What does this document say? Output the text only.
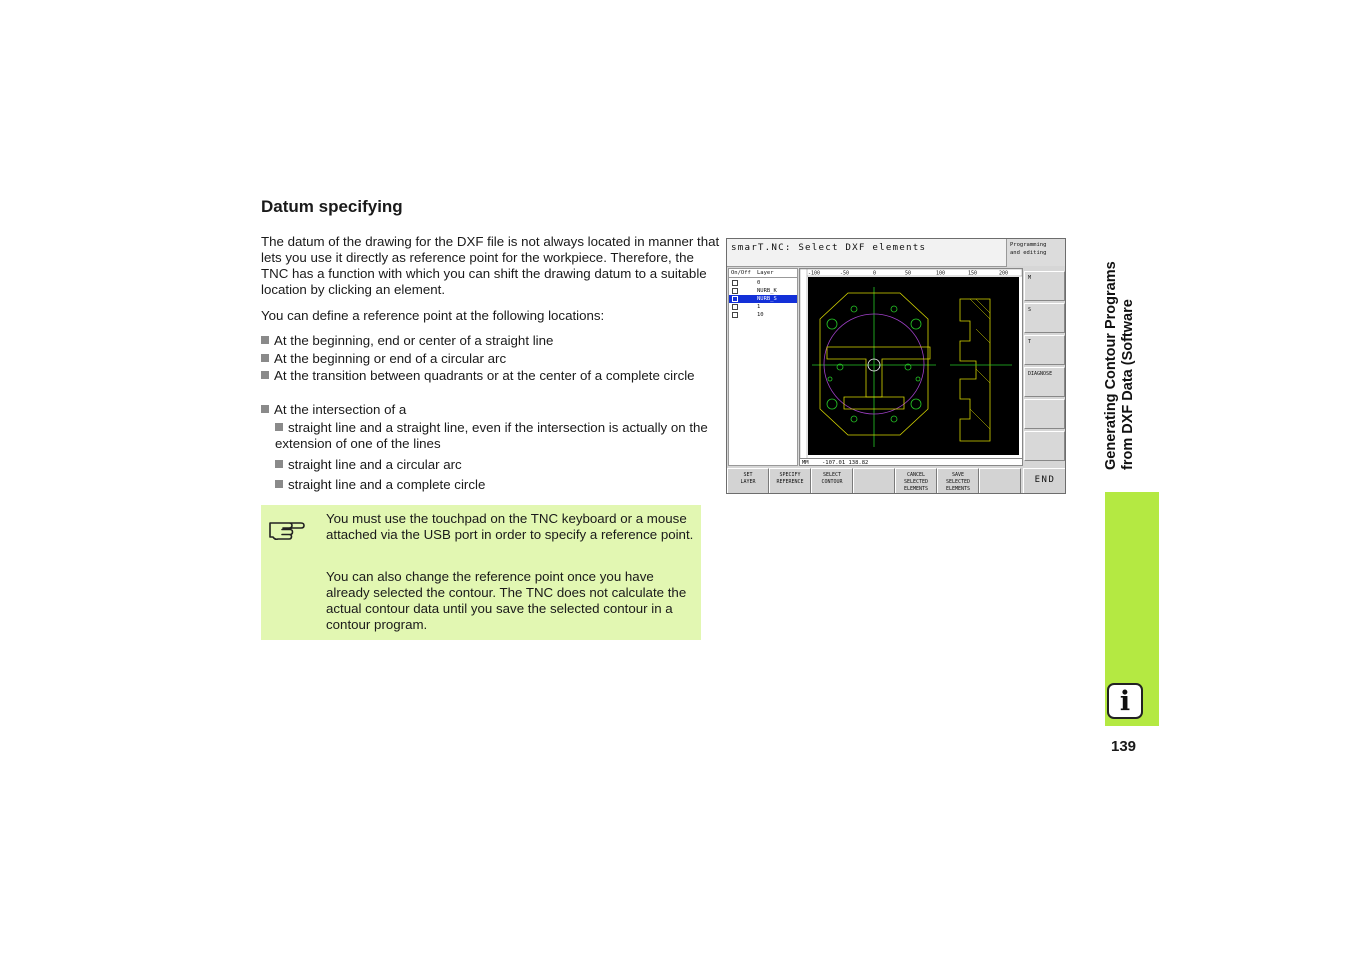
Datum specifying

The datum of the drawing for the DXF file is not always located in manner that lets you use it directly as reference point for the workpiece. Therefore, the TNC has a function with which you can shift the drawing datum to a suitable location by clicking an element.

You can define a reference point at the following locations:

At the beginning, end or center of a straight line
At the beginning or end of a circular arc
At the transition between quadrants or at the center of a complete circle
At the intersection of a
straight line and a straight line, even if the intersection is actually on the extension of one of the lines
straight line and a circular arc
straight line and a complete circle

You must use the touchpad on the TNC keyboard or a mouse attached via the USB port in order to specify a reference point.

You can also change the reference point once you have already selected the contour. The TNC does not calculate the actual contour data until you save the selected contour in a contour program.

Generating Contour Programs from DXF Data (Software
i
139
smarT.NC: Select DXF elements	Programming
and editing
On/Off Layer
0
NURB_K
NURB_S
1
10
-100	-50	0	50	100	150	200
MM -107.01 138.82
M
S
T
DIAGNOSE
SET
LAYER
SPECIFY
REFERENCE
SELECT
CONTOUR
CANCEL
SELECTED
ELEMENTS
SAVE
SELECTED
ELEMENTS
END
